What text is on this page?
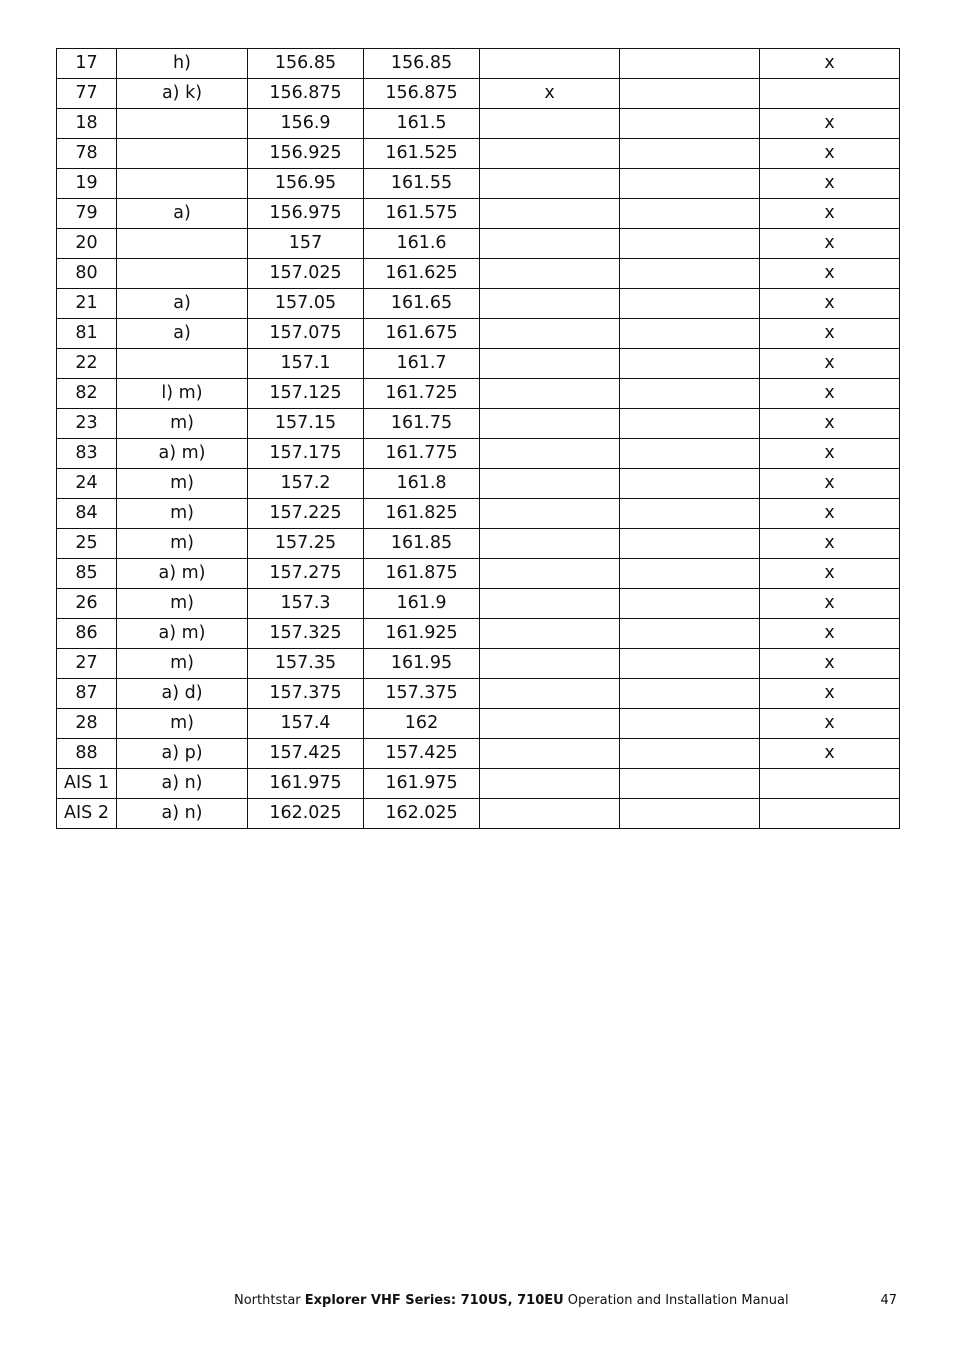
17	h)	156.85	156.85			x
77	a) k)	156.875	156.875	x		
18		156.9	161.5			x
78		156.925	161.525			x
19		156.95	161.55			x
79	a)	156.975	161.575			x
20		157	161.6			x
80		157.025	161.625			x
21	a)	157.05	161.65			x
81	a)	157.075	161.675			x
22		157.1	161.7			x
82	l) m)	157.125	161.725			x
23	m)	157.15	161.75			x
83	a) m)	157.175	161.775			x
24	m)	157.2	161.8			x
84	m)	157.225	161.825			x
25	m)	157.25	161.85			x
85	a) m)	157.275	161.875			x
26	m)	157.3	161.9			x
86	a) m)	157.325	161.925			x
27	m)	157.35	161.95			x
87	a) d)	157.375	157.375			x
28	m)	157.4	162			x
88	a) p)	157.425	157.425			x
AIS 1	a) n)	161.975	161.975			
AIS 2	a) n)	162.025	162.025			
Northtstar Explorer VHF Series: 710US, 710EU Operation and Installation Manual	47
